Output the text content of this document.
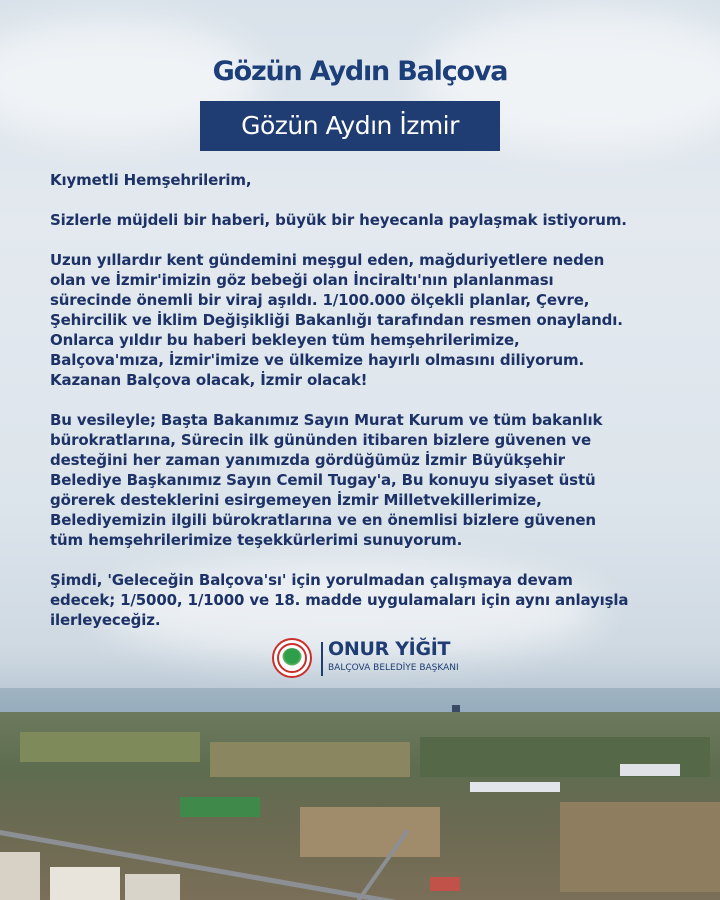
Gözün Aydın Balçova
Gözün Aydın İzmir

Kıymetli Hemşehrilerim,

Sizlerle müjdeli bir haberi, büyük bir heyecanla paylaşmak istiyorum.

Uzun yıllardır kent gündemini meşgul eden, mağduriyetlere neden
olan ve İzmir'imizin göz bebeği olan İnciraltı'nın planlanması
sürecinde önemli bir viraj aşıldı. 1/100.000 ölçekli planlar, Çevre,
Şehircilik ve İklim Değişikliği Bakanlığı tarafından resmen onaylandı.
Onlarca yıldır bu haberi bekleyen tüm hemşehrilerimize,
Balçova'mıza, İzmir'imize ve ülkemize hayırlı olmasını diliyorum.
Kazanan Balçova olacak, İzmir olacak!

Bu vesileyle; Başta Bakanımız Sayın Murat Kurum ve tüm bakanlık
bürokratlarına, Sürecin ilk gününden itibaren bizlere güvenen ve
desteğini her zaman yanımızda gördüğümüz İzmir Büyükşehir
Belediye Başkanımız Sayın Cemil Tugay'a, Bu konuyu siyaset üstü
görerek desteklerini esirgemeyen İzmir Milletvekillerimize,
Belediyemizin ilgili bürokratlarına ve en önemlisi bizlere güvenen
tüm hemşehrilerimize teşekkürlerimi sunuyorum.

Şimdi, 'Geleceğin Balçova'sı' için yorulmadan çalışmaya devam
edecek; 1/5000, 1/1000 ve 18. madde uygulamaları için aynı anlayışla
ilerleyeceğiz.

ONUR YİĞİT
BALÇOVA BELEDİYE BAŞKANI
